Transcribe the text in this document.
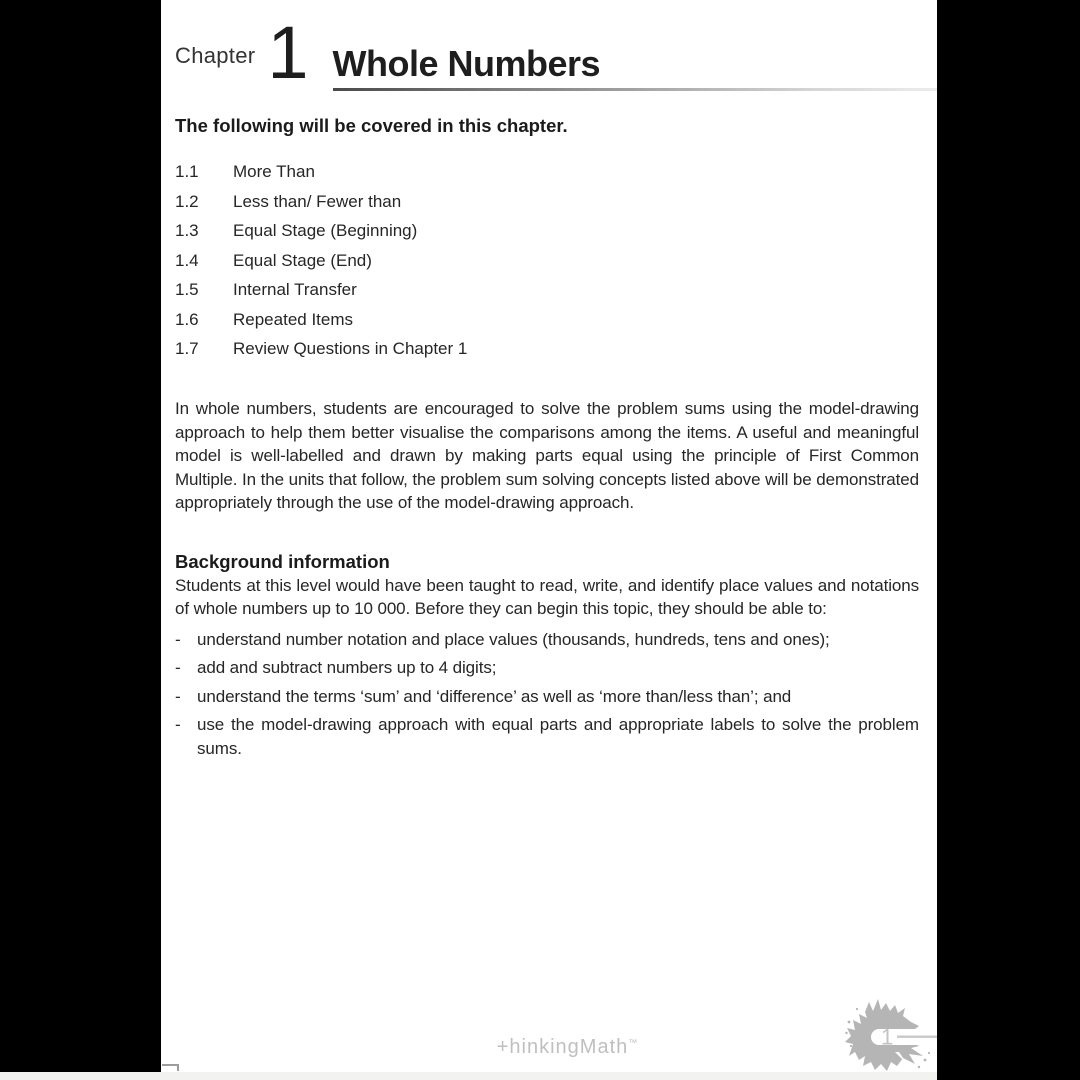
Chapter 1 Whole Numbers
The following will be covered in this chapter.
1.1	More Than
1.2	Less than/ Fewer than
1.3	Equal Stage (Beginning)
1.4	Equal Stage (End)
1.5	Internal Transfer
1.6	Repeated Items
1.7	Review Questions in Chapter 1

In whole numbers, students are encouraged to solve the problem sums using the model-drawing approach to help them better visualise the comparisons among the items. A useful and meaningful model is well-labelled and drawn by making parts equal using the principle of First Common Multiple. In the units that follow, the problem sum solving concepts listed above will be demonstrated appropriately through the use of the model-drawing approach.

Background information

Students at this level would have been taught to read, write, and identify place values and notations of whole numbers up to 10 000. Before they can begin this topic, they should be able to:

- understand number notation and place values (thousands, hundreds, tens and ones);
- add and subtract numbers up to 4 digits;
- understand the terms ‘sum’ and ‘difference’ as well as ‘more than/less than’; and
- use the model-drawing approach with equal parts and appropriate labels to solve the problem sums.
+hinkingMath™	1
